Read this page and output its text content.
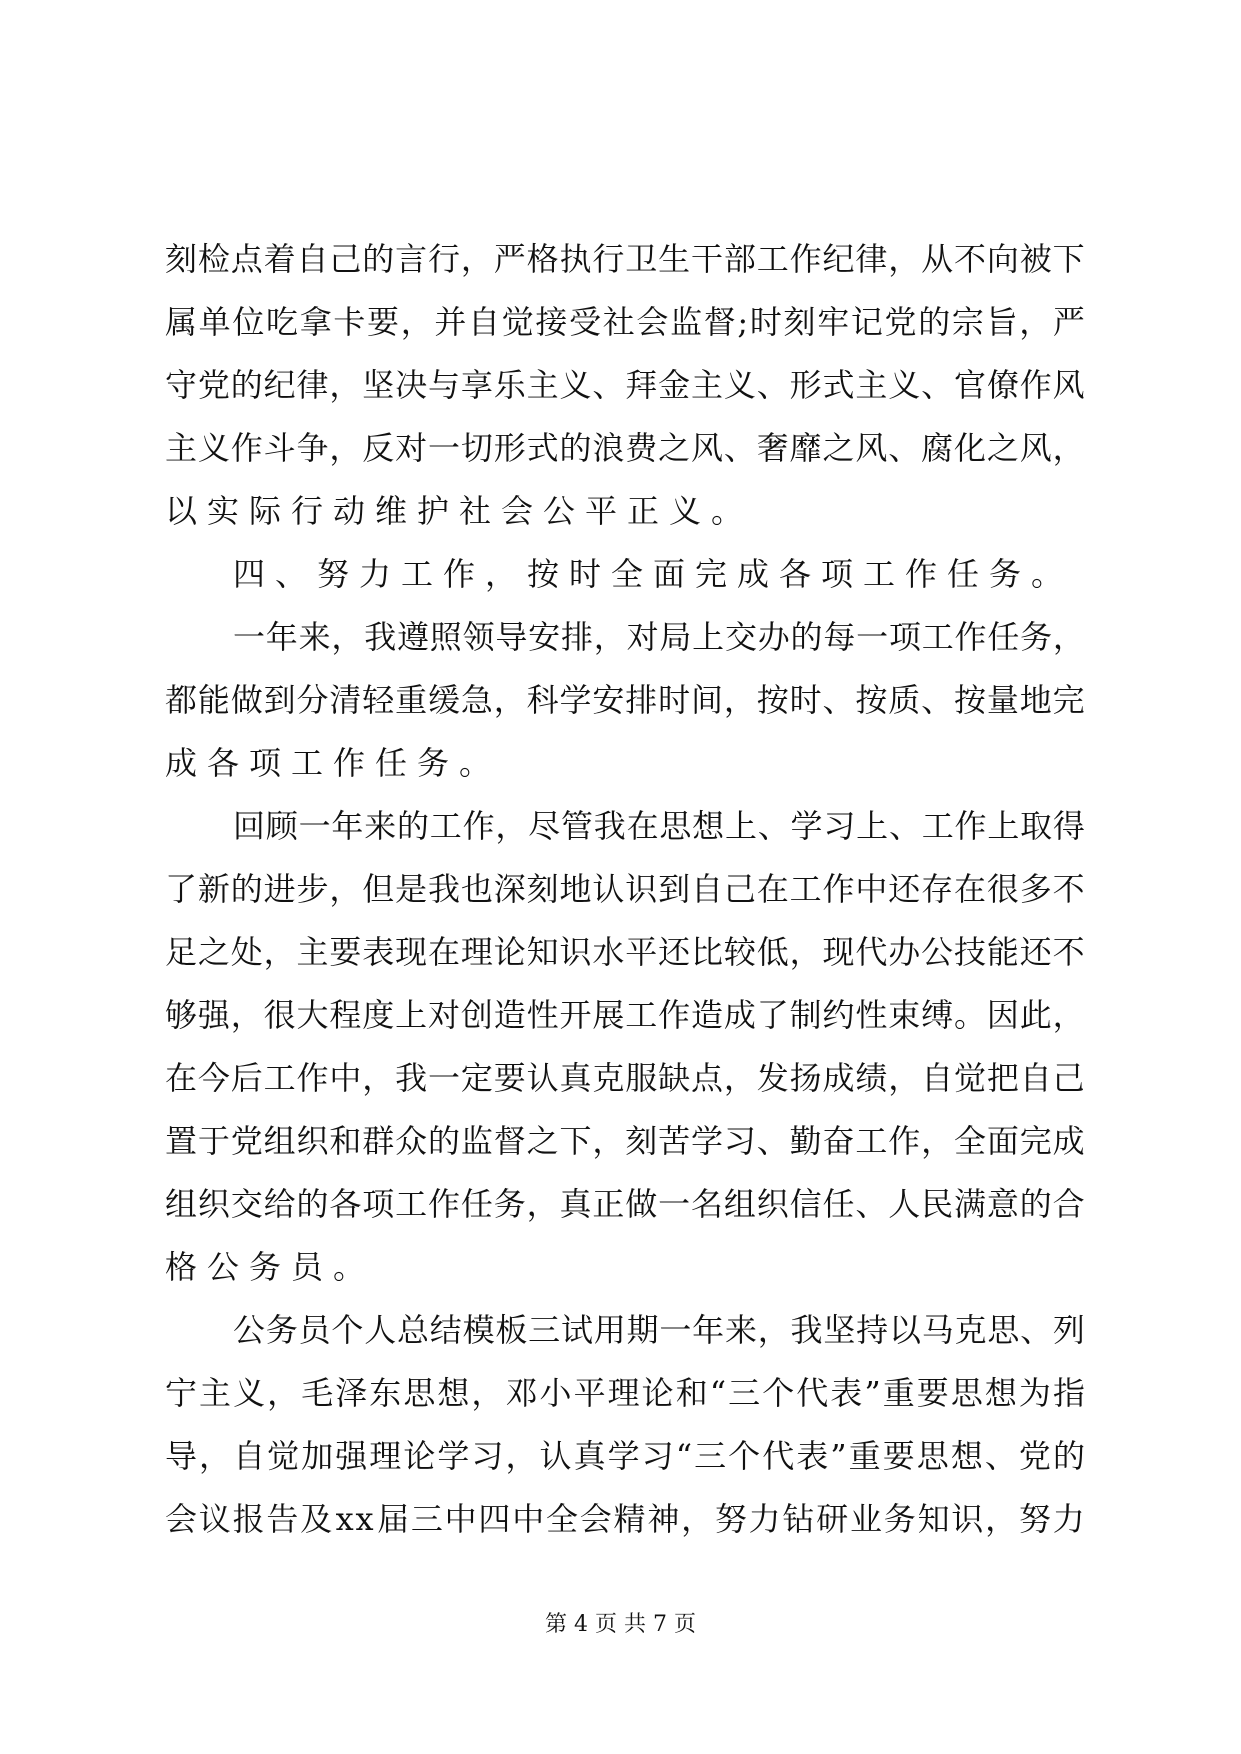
刻 检 点 着 自 己 的 言 行 ， 严 格 执 行 卫 生 干 部 工 作 纪 律 ， 从 不 向 被 下
属 单 位 吃 拿 卡 要 ， 并 自 觉 接 受 社 会 监 督 ; 时 刻 牢 记 党 的 宗 旨 ， 严
守 党 的 纪 律 ， 坚 决 与 享 乐 主 义 、 拜 金 主 义 、 形 式 主 义 、 官 僚 作 风
主 义 作 斗 争 ， 反 对 一 切 形 式 的 浪 费 之 风 、 奢 靡 之 风 、 腐 化 之 风 ，
以实际行动维护社会公平正义。
四、努力工作，按时全面完成各项工作任务。
一 年 来 ， 我 遵 照 领 导 安 排 ， 对 局 上 交 办 的 每 一 项 工 作 任 务 ，
都 能 做 到 分 清 轻 重 缓 急 ， 科 学 安 排 时 间 ， 按 时 、 按 质 、 按 量 地 完
成各项工作任务。
回 顾 一 年 来 的 工 作 ， 尽 管 我 在 思 想 上 、 学 习 上 、 工 作 上 取 得
了 新 的 进 步 ， 但 是 我 也 深 刻 地 认 识 到 自 己 在 工 作 中 还 存 在 很 多 不
足 之 处 ， 主 要 表 现 在 理 论 知 识 水 平 还 比 较 低 ， 现 代 办 公 技 能 还 不
够 强 ， 很 大 程 度 上 对 创 造 性 开 展 工 作 造 成 了 制 约 性 束 缚 。 因 此 ，
在 今 后 工 作 中 ， 我 一 定 要 认 真 克 服 缺 点 ， 发 扬 成 绩 ， 自 觉 把 自 己
置 于 党 组 织 和 群 众 的 监 督 之 下 ， 刻 苦 学 习 、 勤 奋 工 作 ， 全 面 完 成
组 织 交 给 的 各 项 工 作 任 务 ， 真 正 做 一 名 组 织 信 任 、 人 民 满 意 的 合
格公务员。
公 务 员 个 人 总 结 模 板 三 试 用 期 一 年 来 ， 我 坚 持 以 马 克 思 、 列
宁 主 义 ， 毛 泽 东 思 想 ， 邓 小 平 理 论 和 “ 三 个 代 表 ” 重 要 思 想 为 指
导 ， 自 觉 加 强 理 论 学 习 ， 认 真 学 习 “ 三 个 代 表 ” 重 要 思 想 、 党 的
会 议 报 告 及 x x 届 三 中 四 中 全 会 精 神 ， 努 力 钻 研 业 务 知 识 ， 努 力
第 4 页 共 7 页
